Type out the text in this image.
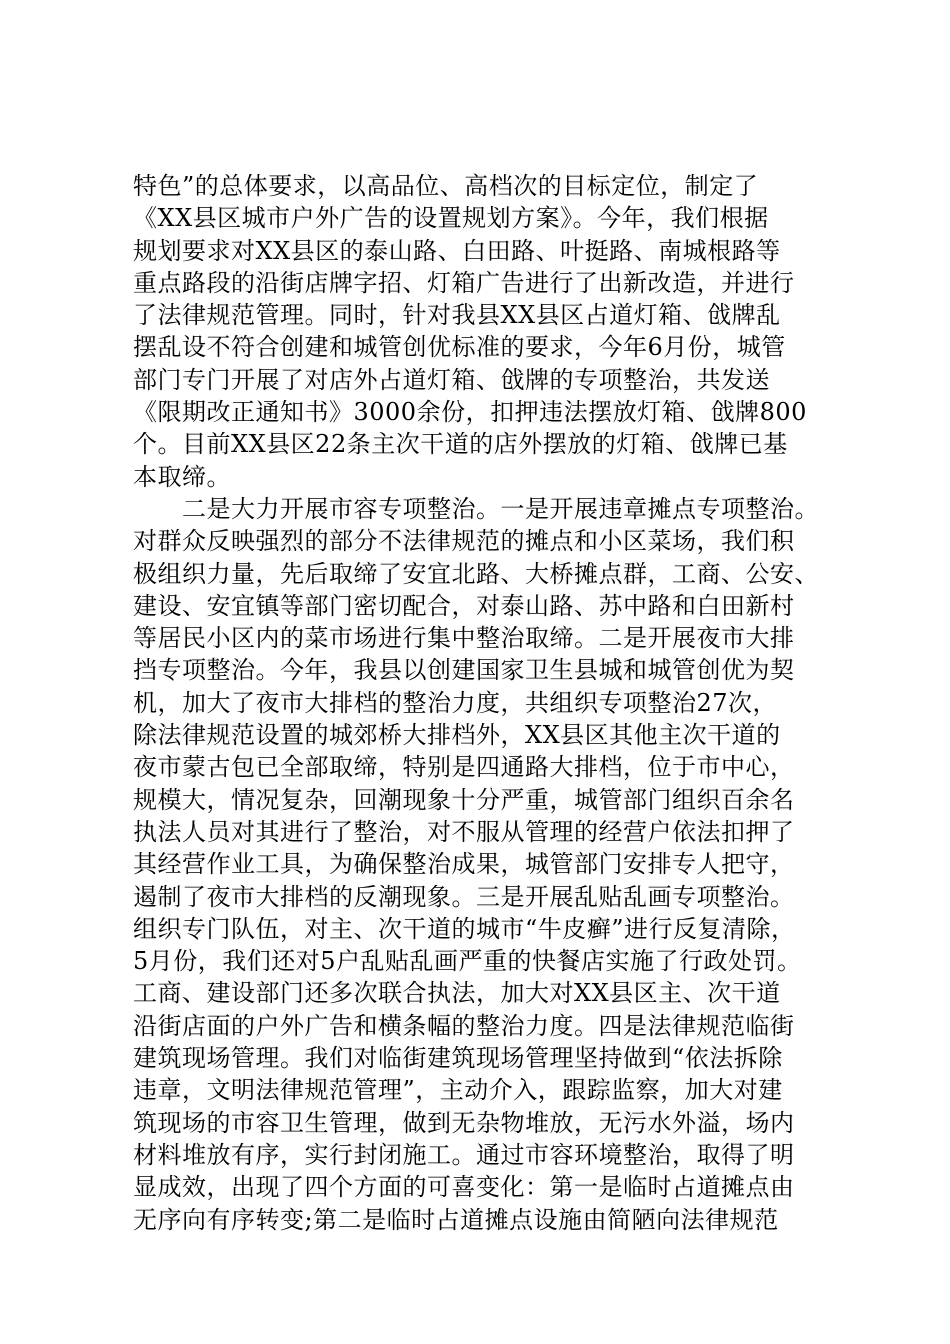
特色”的总体要求，以高品位、高档次的目标定位，制定了
《XX县区城市户外广告的设置规划方案》。今年，我们根据
规划要求对XX县区的泰山路、白田路、叶挺路、南城根路等
重点路段的沿街店牌字招、灯箱广告进行了出新改造，并进行
了法律规范管理。同时，针对我县XX县区占道灯箱、戗牌乱
摆乱设不符合创建和城管创优标准的要求，今年6月份，城管
部门专门开展了对店外占道灯箱、戗牌的专项整治，共发送
《限期改正通知书》3000余份，扣押违法摆放灯箱、戗牌800
个。目前XX县区22条主次干道的店外摆放的灯箱、戗牌已基
本取缔。
　　二是大力开展市容专项整治。一是开展违章摊点专项整治。
对群众反映强烈的部分不法律规范的摊点和小区菜场，我们积
极组织力量，先后取缔了安宜北路、大桥摊点群，工商、公安、
建设、安宜镇等部门密切配合，对泰山路、苏中路和白田新村
等居民小区内的菜市场进行集中整治取缔。二是开展夜市大排
挡专项整治。今年，我县以创建国家卫生县城和城管创优为契
机，加大了夜市大排档的整治力度，共组织专项整治27次，
除法律规范设置的城郊桥大排档外，XX县区其他主次干道的
夜市蒙古包已全部取缔，特别是四通路大排档，位于市中心，
规模大，情况复杂，回潮现象十分严重，城管部门组织百余名
执法人员对其进行了整治，对不服从管理的经营户依法扣押了
其经营作业工具，为确保整治成果，城管部门安排专人把守，
遏制了夜市大排档的反潮现象。三是开展乱贴乱画专项整治。
组织专门队伍，对主、次干道的城市“牛皮癣”进行反复清除，
5月份，我们还对5户乱贴乱画严重的快餐店实施了行政处罚。
工商、建设部门还多次联合执法，加大对XX县区主、次干道
沿街店面的户外广告和横条幅的整治力度。四是法律规范临街
建筑现场管理。我们对临街建筑现场管理坚持做到“依法拆除
违章，文明法律规范管理”，主动介入，跟踪监察，加大对建
筑现场的市容卫生管理，做到无杂物堆放，无污水外溢，场内
材料堆放有序，实行封闭施工。通过市容环境整治，取得了明
显成效，出现了四个方面的可喜变化：第一是临时占道摊点由
无序向有序转变;第二是临时占道摊点设施由简陋向法律规范
